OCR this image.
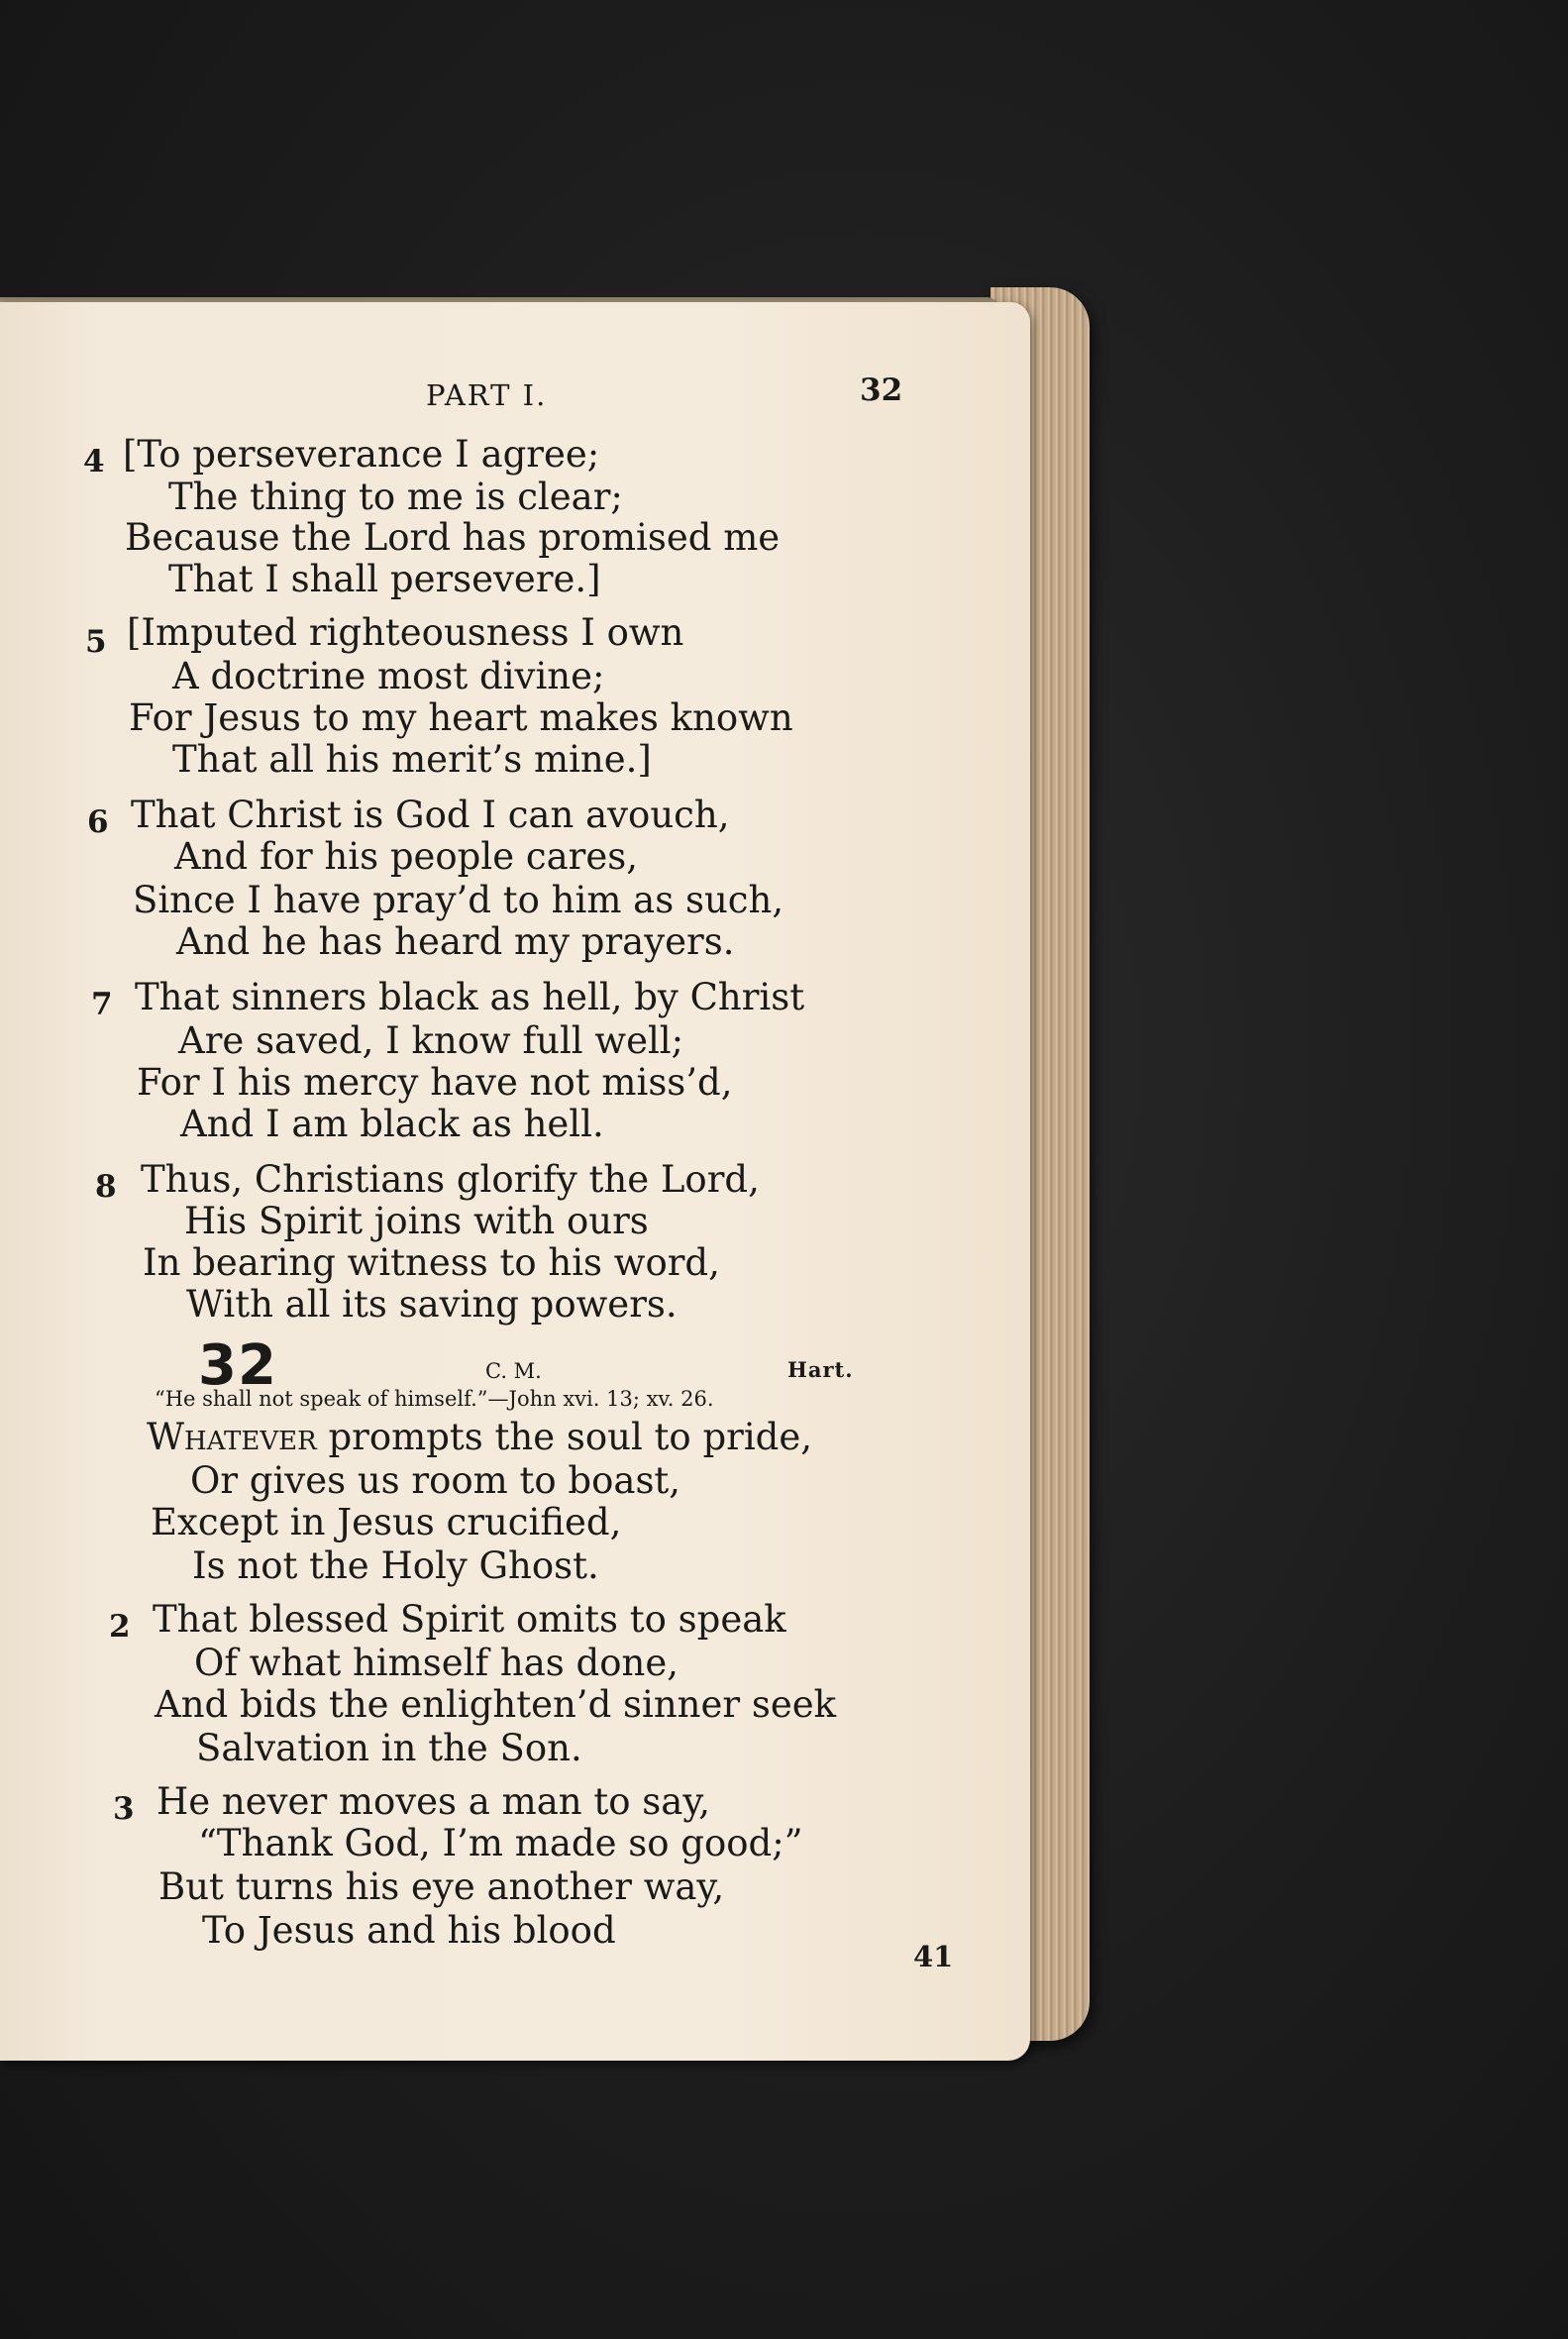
PART I.	32
4 [To perseverance I agree;
The thing to me is clear;
Because the Lord has promised me
That I shall persevere.]
5 [Imputed righteousness I own
A doctrine most divine;
For Jesus to my heart makes known
That all his merit’s mine.]
6 That Christ is God I can avouch,
And for his people cares,
Since I have pray’d to him as such,
And he has heard my prayers.
7 That sinners black as hell, by Christ
Are saved, I know full well;
For I his mercy have not miss’d,
And I am black as hell.
8 Thus, Christians glorify the Lord,
His Spirit joins with ours
In bearing witness to his word,
With all its saving powers.
32	C. M.	Hart.
“He shall not speak of himself.”—John xvi. 13; xv. 26.
Whatever prompts the soul to pride,
Or gives us room to boast,
Except in Jesus crucified,
Is not the Holy Ghost.
2 That blessed Spirit omits to speak
Of what himself has done,
And bids the enlighten’d sinner seek
Salvation in the Son.
3 He never moves a man to say,
“Thank God, I’m made so good;”
But turns his eye another way,
To Jesus and his blood
41
